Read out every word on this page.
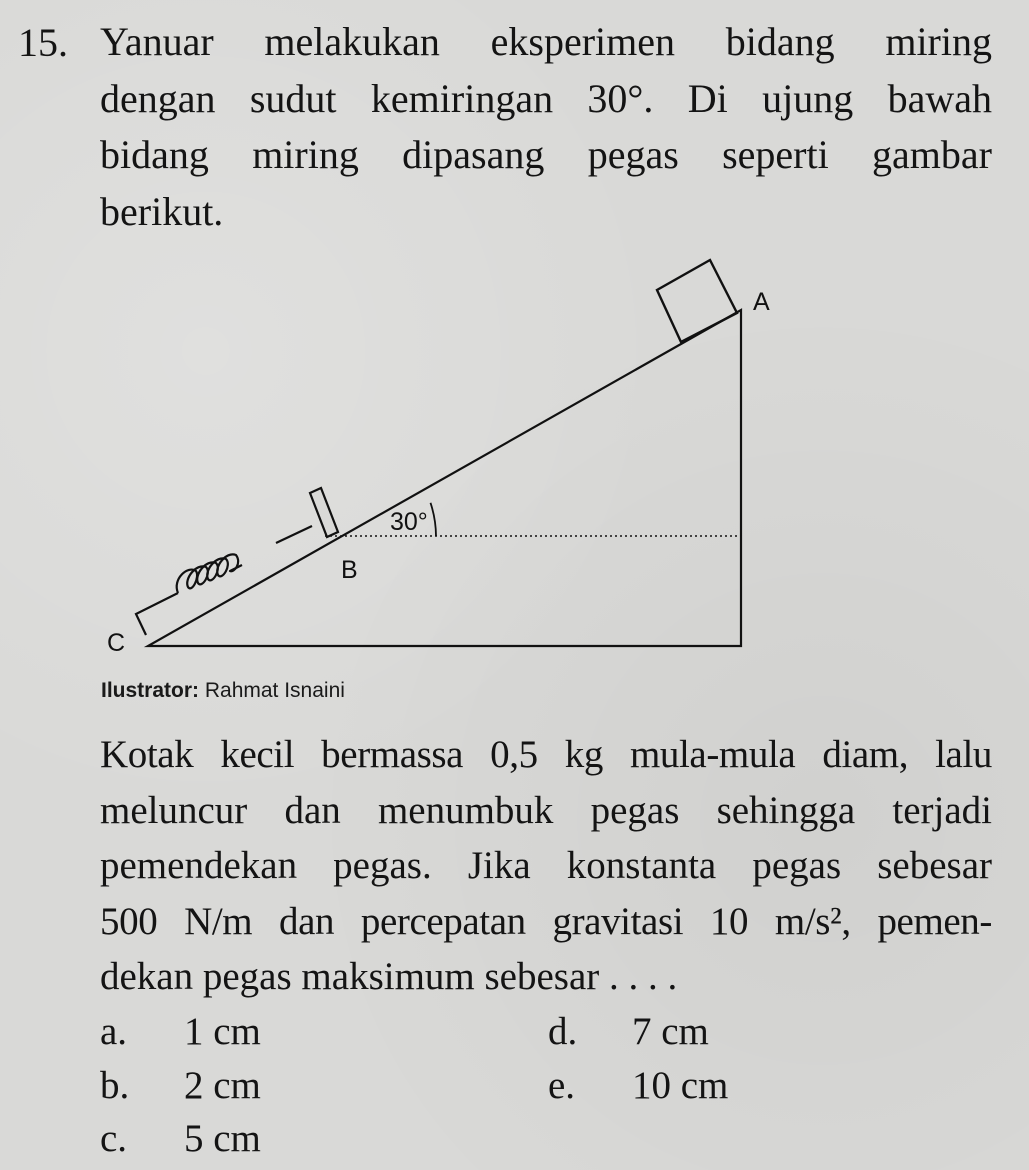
15. Yanuar melakukan eksperimen bidang miring
dengan sudut kemiringan 30°. Di ujung bawah
bidang miring dipasang pegas seperti gambar
berikut.
A
B
C
30°
Ilustrator: Rahmat Isnaini
Kotak kecil bermassa 0,5 kg mula-mula diam, lalu
meluncur dan menumbuk pegas sehingga terjadi
pemendekan pegas. Jika konstanta pegas sebesar
500 N/m dan percepatan gravitasi 10 m/s², pemen-
dekan pegas maksimum sebesar . . . .
a. 1 cm
b. 2 cm
c. 5 cm
d. 7 cm
e. 10 cm
